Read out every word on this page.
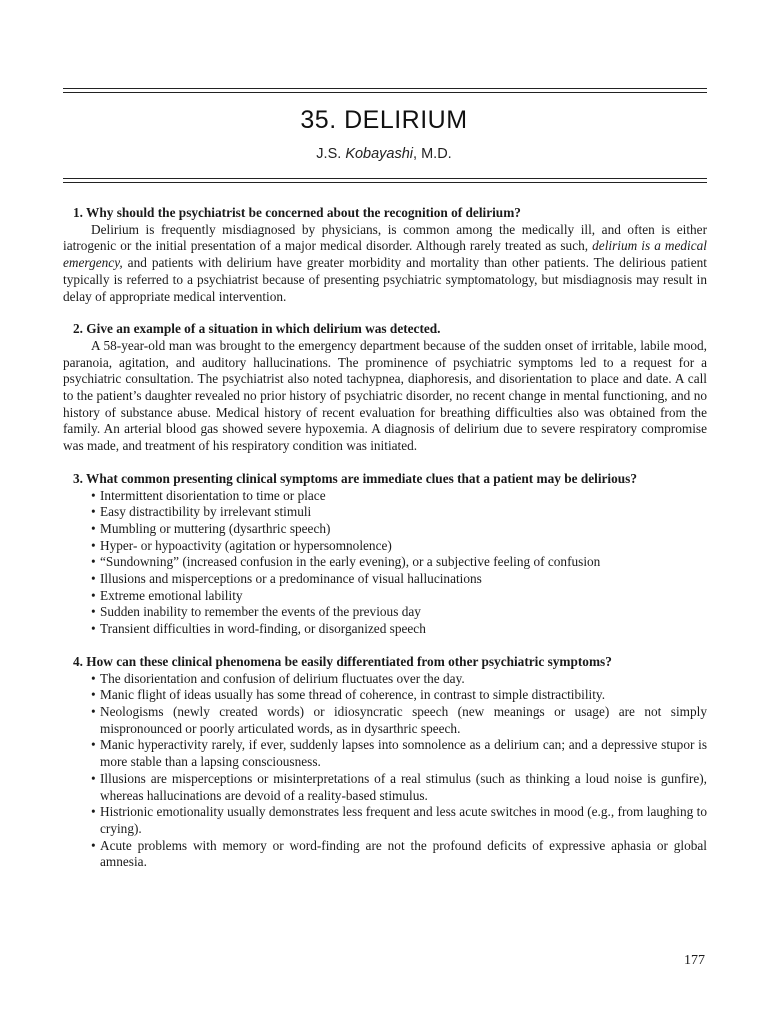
35. DELIRIUM
J.S. Kobayashi, M.D.

1. Why should the psychiatrist be concerned about the recognition of delirium?

Delirium is frequently misdiagnosed by physicians, is common among the medically ill, and often is either iatrogenic or the initial presentation of a major medical disorder. Although rarely treated as such, delirium is a medical emergency, and patients with delirium have greater morbidity and mortality than other patients. The delirious patient typically is referred to a psychiatrist because of presenting psychiatric symptomatology, but misdiagnosis may result in delay of appropriate medical intervention.

2. Give an example of a situation in which delirium was detected.

A 58-year-old man was brought to the emergency department because of the sudden onset of irritable, labile mood, paranoia, agitation, and auditory hallucinations. The prominence of psychiatric symptoms led to a request for a psychiatric consultation. The psychiatrist also noted tachypnea, diaphoresis, and disorientation to place and date. A call to the patient’s daughter revealed no prior history of psychiatric disorder, no recent change in mental functioning, and no history of substance abuse. Medical history of recent evaluation for breathing difficulties also was obtained from the family. An arterial blood gas showed severe hypoxemia. A diagnosis of delirium due to severe respiratory compromise was made, and treatment of his respiratory condition was initiated.

3. What common presenting clinical symptoms are immediate clues that a patient may be delirious?

• Intermittent disorientation to time or place
• Easy distractibility by irrelevant stimuli
• Mumbling or muttering (dysarthric speech)
• Hyper- or hypoactivity (agitation or hypersomnolence)
• “Sundowning” (increased confusion in the early evening), or a subjective feeling of confusion
• Illusions and misperceptions or a predominance of visual hallucinations
• Extreme emotional lability
• Sudden inability to remember the events of the previous day
• Transient difficulties in word-finding, or disorganized speech

4. How can these clinical phenomena be easily differentiated from other psychiatric symptoms?

• The disorientation and confusion of delirium fluctuates over the day.
• Manic flight of ideas usually has some thread of coherence, in contrast to simple distractibility.
• Neologisms (newly created words) or idiosyncratic speech (new meanings or usage) are not simply mispronounced or poorly articulated words, as in dysarthric speech.
• Manic hyperactivity rarely, if ever, suddenly lapses into somnolence as a delirium can; and a depressive stupor is more stable than a lapsing consciousness.
• Illusions are misperceptions or misinterpretations of a real stimulus (such as thinking a loud noise is gunfire), whereas hallucinations are devoid of a reality-based stimulus.
• Histrionic emotionality usually demonstrates less frequent and less acute switches in mood (e.g., from laughing to crying).
• Acute problems with memory or word-finding are not the profound deficits of expressive aphasia or global amnesia.
177
